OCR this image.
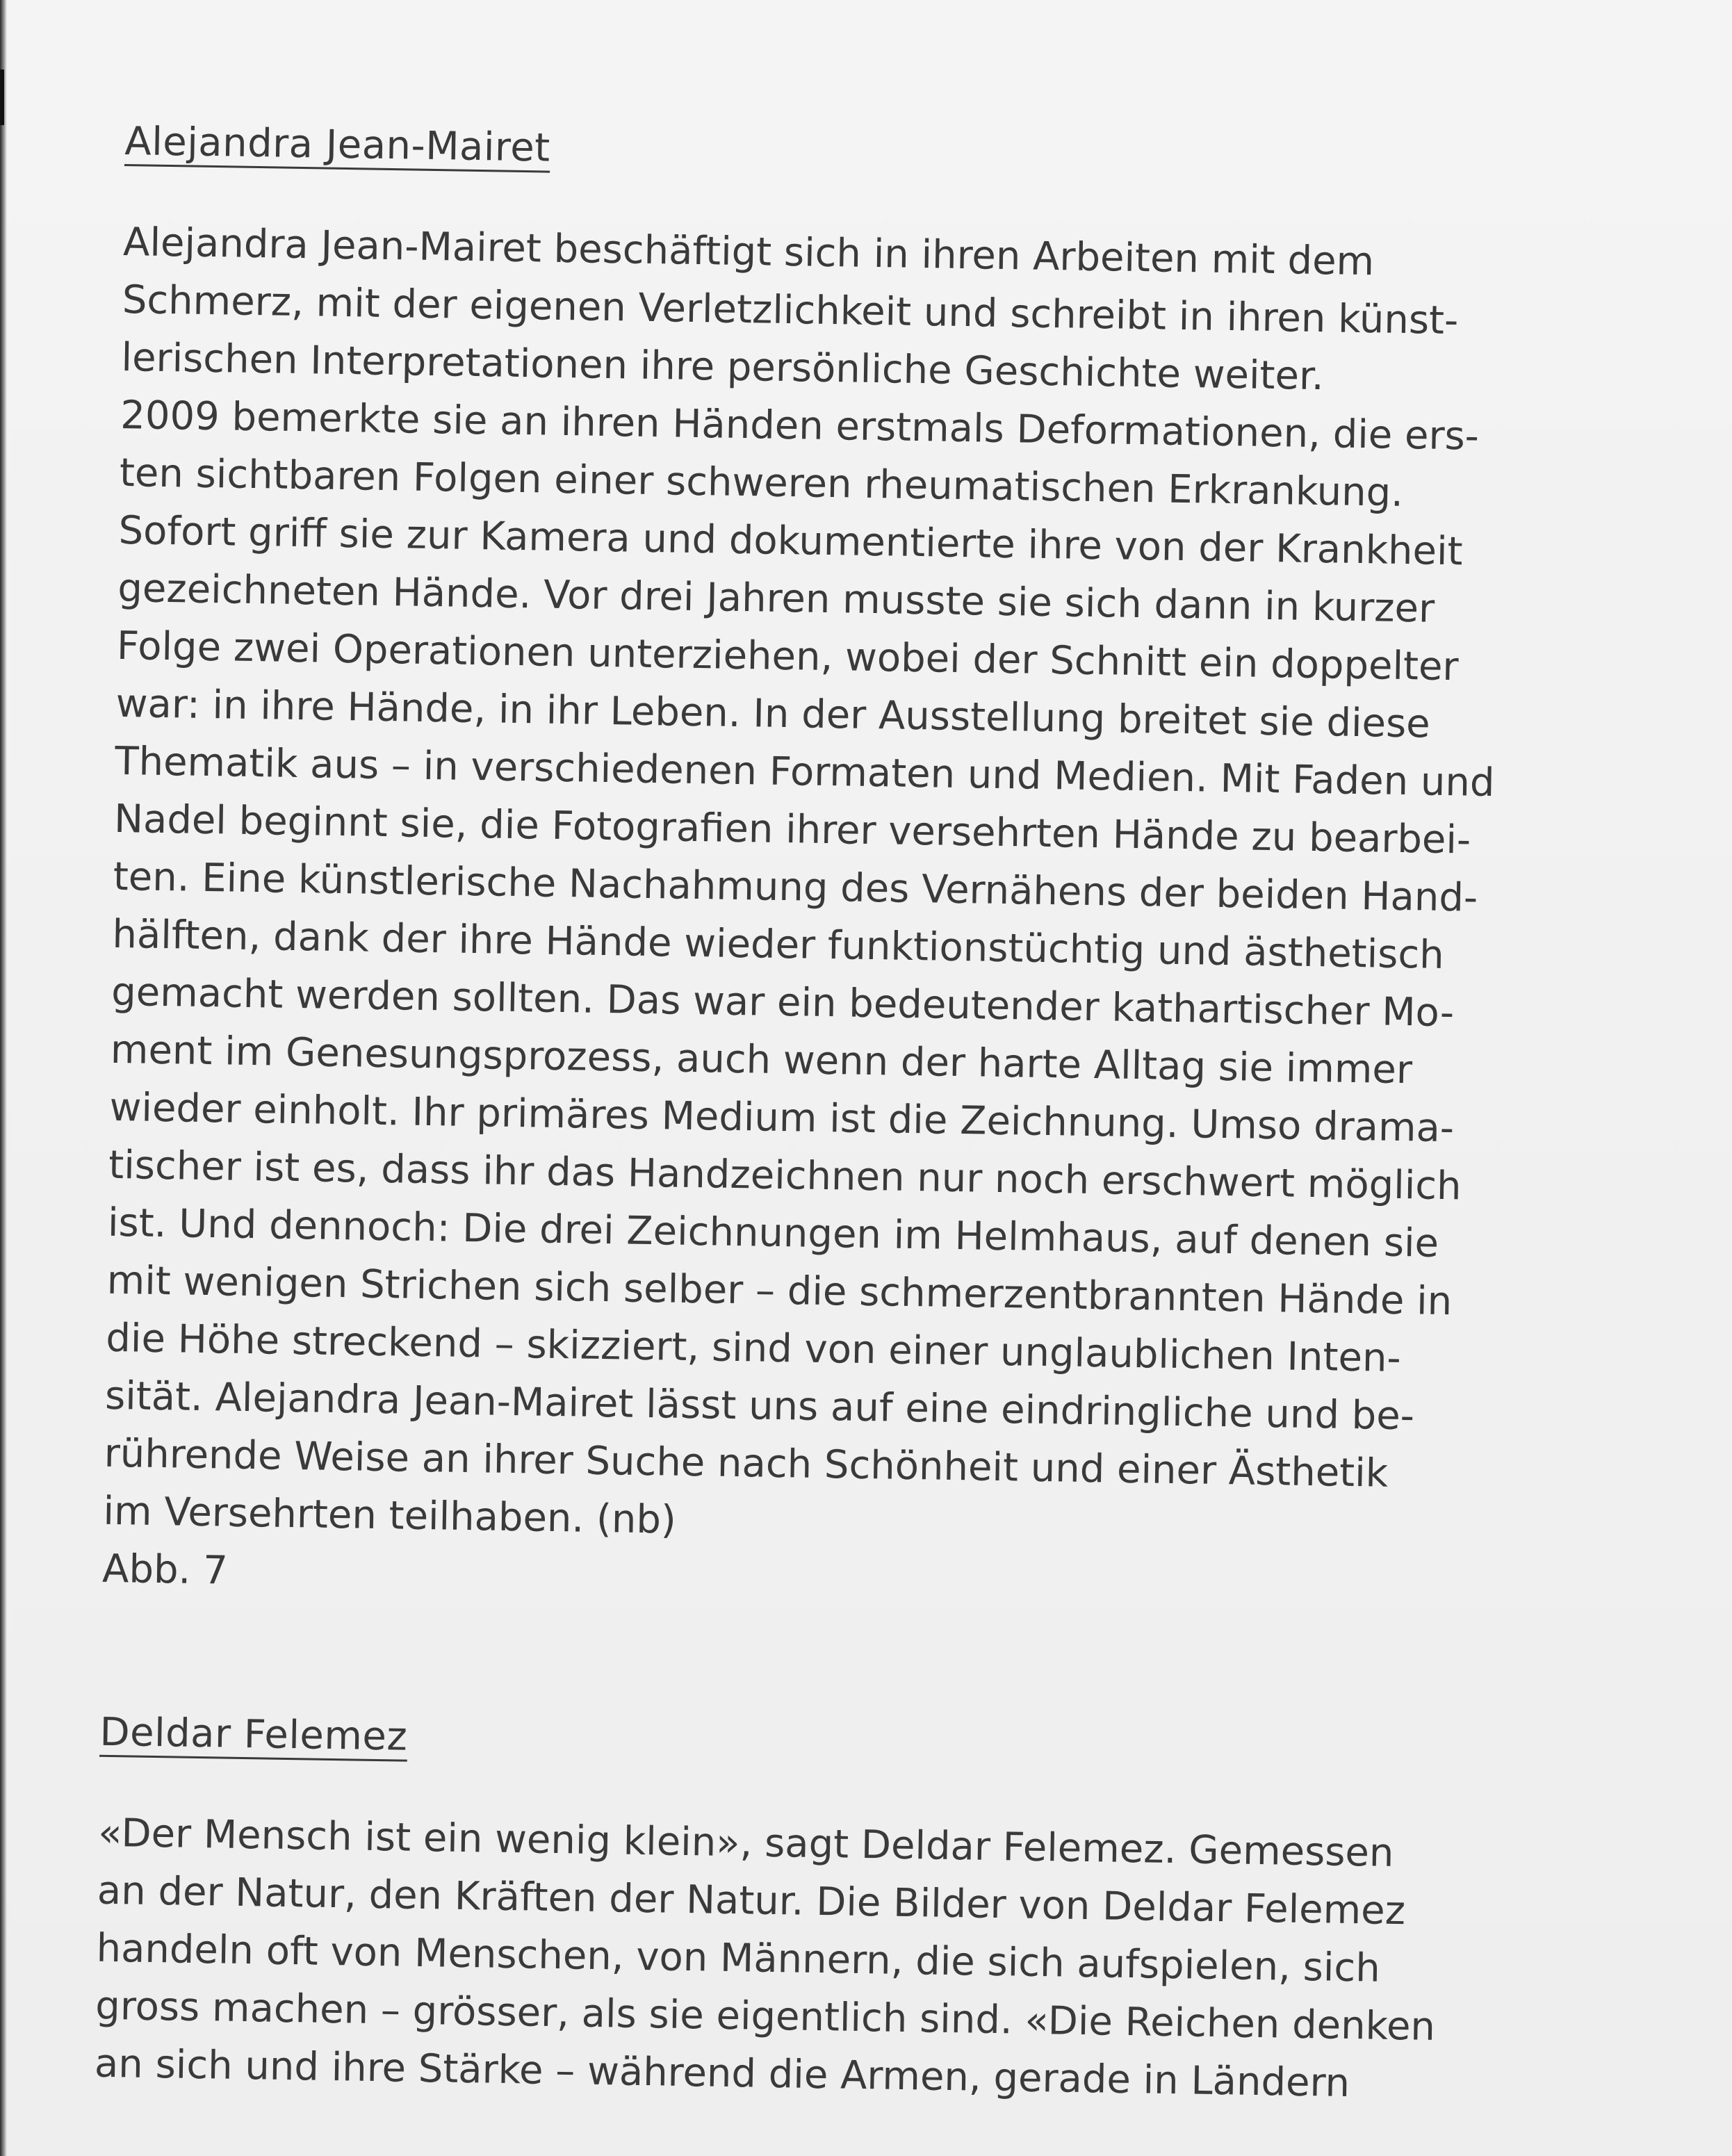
Alejandra Jean-Mairet

Alejandra Jean-Mairet beschäftigt sich in ihren Arbeiten mit dem
Schmerz, mit der eigenen Verletzlichkeit und schreibt in ihren künst-
lerischen Interpretationen ihre persönliche Geschichte weiter.
2009 bemerkte sie an ihren Händen erstmals Deformationen, die ers-
ten sichtbaren Folgen einer schweren rheumatischen Erkrankung.
Sofort griff sie zur Kamera und dokumentierte ihre von der Krankheit
gezeichneten Hände. Vor drei Jahren musste sie sich dann in kurzer
Folge zwei Operationen unterziehen, wobei der Schnitt ein doppelter
war: in ihre Hände, in ihr Leben. In der Ausstellung breitet sie diese
Thematik aus – in verschiedenen Formaten und Medien. Mit Faden und
Nadel beginnt sie, die Fotografien ihrer versehrten Hände zu bearbei-
ten. Eine künstlerische Nachahmung des Vernähens der beiden Hand-
hälften, dank der ihre Hände wieder funktionstüchtig und ästhetisch
gemacht werden sollten. Das war ein bedeutender kathartischer Mo-
ment im Genesungsprozess, auch wenn der harte Alltag sie immer
wieder einholt. Ihr primäres Medium ist die Zeichnung. Umso drama-
tischer ist es, dass ihr das Handzeichnen nur noch erschwert möglich
ist. Und dennoch: Die drei Zeichnungen im Helmhaus, auf denen sie
mit wenigen Strichen sich selber – die schmerzentbrannten Hände in
die Höhe streckend – skizziert, sind von einer unglaublichen Inten-
sität. Alejandra Jean-Mairet lässt uns auf eine eindringliche und be-
rührende Weise an ihrer Suche nach Schönheit und einer Ästhetik
im Versehrten teilhaben. (nb)
Abb. 7

Deldar Felemez

«Der Mensch ist ein wenig klein», sagt Deldar Felemez. Gemessen
an der Natur, den Kräften der Natur. Die Bilder von Deldar Felemez
handeln oft von Menschen, von Männern, die sich aufspielen, sich
gross machen – grösser, als sie eigentlich sind. «Die Reichen denken
an sich und ihre Stärke – während die Armen, gerade in Ländern
